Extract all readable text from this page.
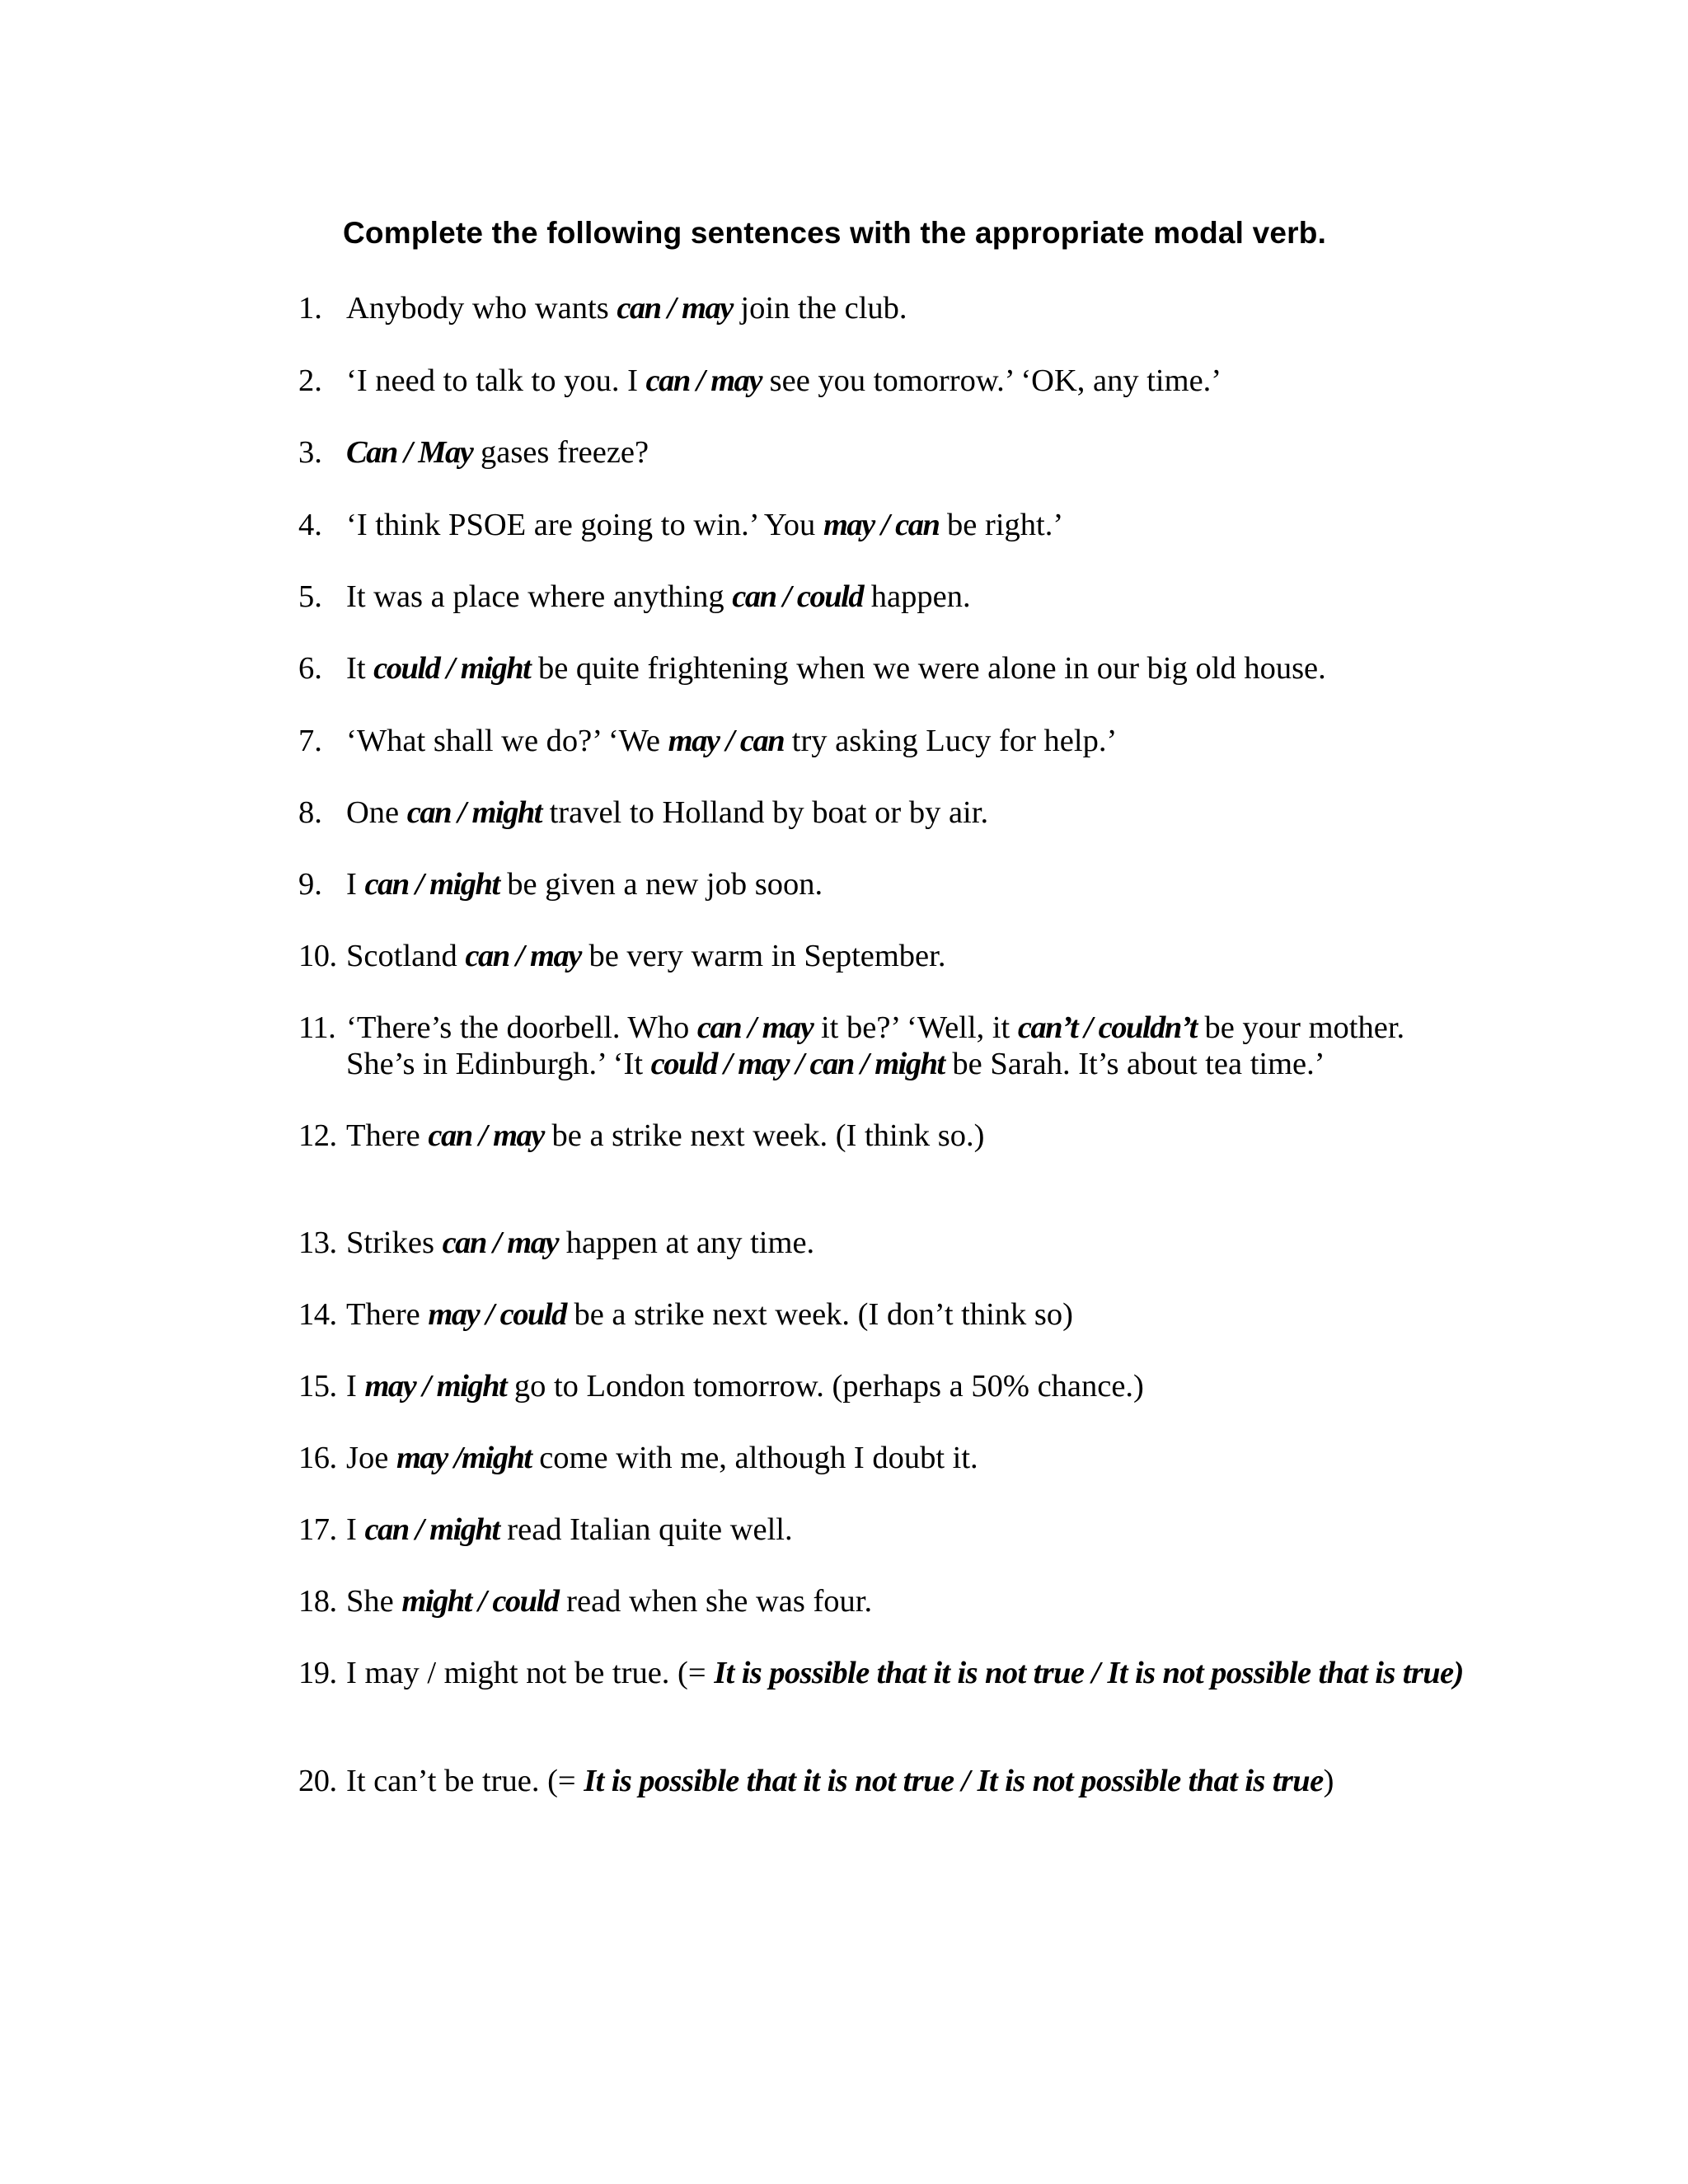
Complete the following sentences with the appropriate modal verb.
1. Anybody who wants can / may join the club.
2. ‘I need to talk to you. I can / may see you tomorrow.’ ‘OK, any time.’
3. Can / May gases freeze?
4. ‘I think PSOE are going to win.’ You may / can be right.’
5. It was a place where anything can / could happen.
6. It could / might be quite frightening when we were alone in our big old house.
7. ‘What shall we do?’ ‘We may / can try asking Lucy for help.’
8. One can / might travel to Holland by boat or by air.
9. I can / might be given a new job soon.
10. Scotland can / may be very warm in September.
11. ‘There’s the doorbell. Who can / may it be?’ ‘Well, it can’t / couldn’t be your mother. She’s in Edinburgh.’ ‘It could / may / can / might be Sarah. It’s about tea time.’
12. There can / may be a strike next week. (I think so.)
13. Strikes can / may happen at any time.
14. There may / could be a strike next week. (I don’t think so)
15. I may / might go to London tomorrow. (perhaps a 50% chance.)
16. Joe may /might come with me, although I doubt it.
17. I can / might read Italian quite well.
18. She might / could read when she was four.
19. I may / might not be true. (= It is possible that it is not true / It is not possible that is true)
20. It can’t be true. (= It is possible that it is not true / It is not possible that is true)
